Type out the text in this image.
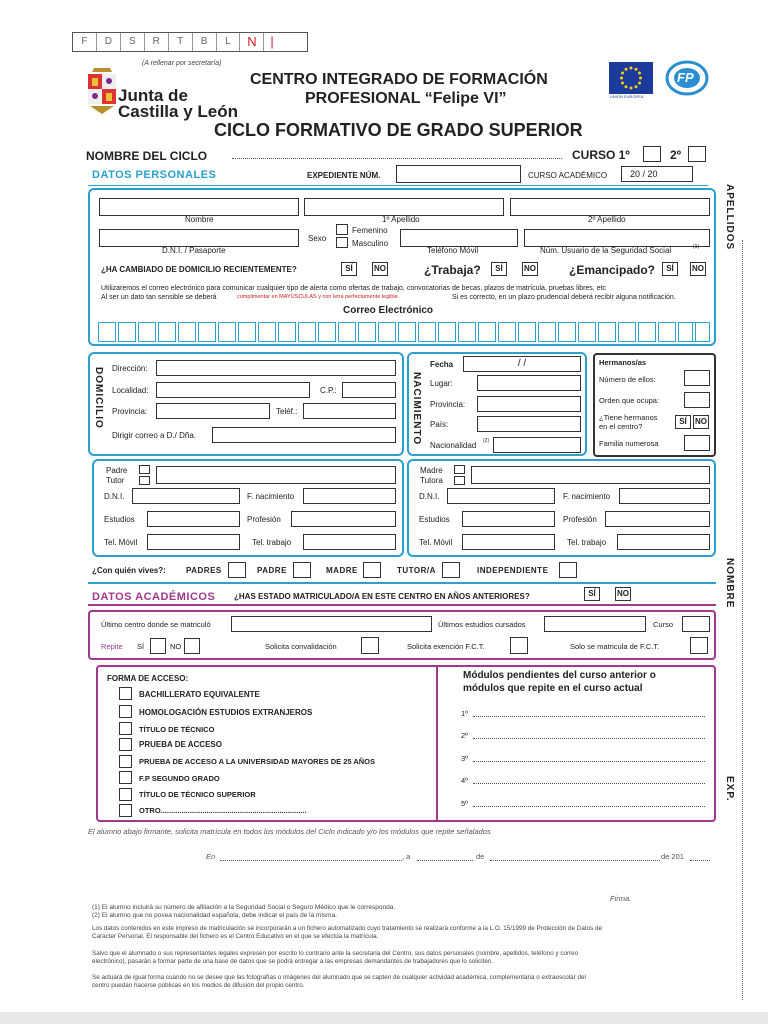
F	D	S	R	T	B	L	N	|
(A rellenar por secretaría)
Junta de
Castilla y León
CENTRO INTEGRADO DE FORMACIÓN
PROFESIONAL “Felipe VI”	UNIÓN EUROPEA
FP
CICLO FORMATIVO DE GRADO SUPERIOR
NOMBRE DEL CICLO	CURSO 1º	2º
DATOS PERSONALES	EXPEDIENTE NÚM.	CURSO ACADÉMICO	20 / 20
Nombre	1º Apellido	2º Apellido
D.N.I. / Pasaporte
Sexo
Femenino
Masculino
Teléfono Móvil	Núm. Usuario de la Seguridad Social	(1)
¿HA CAMBIADO DE DOMICILIO RECIENTEMENTE?	SÍ	NO	¿Trabaja?	SÍ	NO	¿Emancipado?	SÍ	NO
Utilizaremos el correo electrónico para comunicar cualquier tipo de alerta como ofertas de trabajo, convocatorias de becas, plazos de matrícula, pruebas libres, etc
Al ser un dato tan sensible se deberá	cumplimentar en MAYÚSCULAS y con letra perfectamente legible.	Si es correcto, en un plazo prudencial deberá recibir alguna notificación.
Correo Electrónico
DOMICILIO Dirección:
Localidad:	C.P.:
Provincia:	Teléf.:
Dirigir correo a D./ Dña.	NACIMIENTO
Fecha	/ /
Lugar:
Provincia:
País:
Nacionalidad (2)
Hermanos/as
Número de ellos:
Orden que ocupa:
¿Tiene hermanos
en el centro?
SÍ	NO
Familia numerosa
Padre
Tutor
D.N.I.	F. nacimiento
Estudios	Profesión
Tel. Móvil	Tel. trabajo
Madre
Tutora
D.N.I.	F. nacimiento
Estudios	Profesión
Tel. Móvil	Tel. trabajo
¿Con quién vives?:	PADRES	PADRE	MADRE	TUTOR/A	INDEPENDIENTE
DATOS ACADÉMICOS ¿HAS ESTADO MATRICULADO/A EN ESTE CENTRO EN AÑOS ANTERIORES?	SÍ	NO
Último centro donde se matriculó	Últimos estudios cursados	Curso
Repite SÍ	NO	Solicita convalidación	Solicita exención F.C.T.	Solo se matricula de F.C.T.
FORMA DE ACCESO:
BACHILLERATO EQUIVALENTE
HOMOLOGACIÓN ESTUDIOS EXTRANJEROS
TÍTULO DE TÉCNICO
PRUEBA DE ACCESO
PRUEBA DE ACCESO A LA UNIVERSIDAD MAYORES DE 25 AÑOS
F.P SEGUNDO GRADO
TÍTULO DE TÉCNICO SUPERIOR
OTRO......................................................................
Módulos pendientes del curso anterior o
módulos que repite en el curso actual
1º
2º
3º
4º
5º
El alumno abajo firmante, solicita matrícula en todos los módulos del Ciclo indicado y/o los módulos que repite señalados
En	, a	de	de 201
Firma.
(1) El alumno incluirá su número de afiliación a la Seguridad Social o Seguro Médico que le corresponda.
(2) El alumno que no posea nacionalidad española, debe indicar el país de la misma.
Los datos contenidos en este impreso de matriculación se incorporarán a un fichero automatizado cuyo tratamiento se realizará conforme a la L.O. 15/1999 de Protección de Datos de
Carácter Personal. El responsable del fichero es el Centro Educativo en el que se efectúa la matrícula.
Salvo que el alumnado o sus representantes legales expresen por escrito lo contrario ante la secretaría del Centro, sus datos personales (nombre, apellidos, teléfono y correo
electrónico), pasarán a formar parte de una base de datos que se podrá entregar a las empresas demandantes de trabajadores que lo soliciten.
Se actuará de igual forma cuando no se desee que las fotografías o imágenes del alumnado que se capten de cualquier actividad académica, complementaria o extraescolar del
centro puedan hacerse públicas en los medios de difusión del propio centro.
APELLIDOS
NOMBRE
EXP.
